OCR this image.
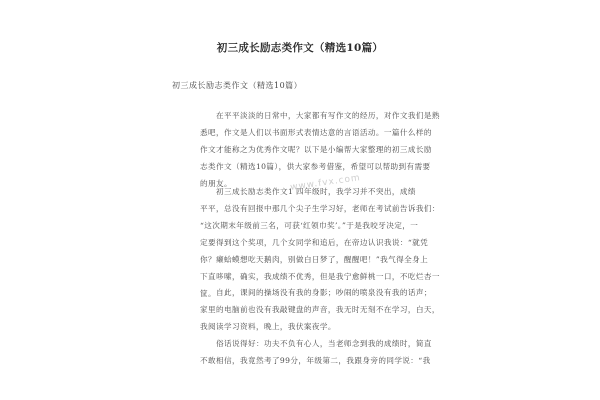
初三成长励志类作文（精选10篇）
初三成长励志类作文（精选10篇）
www.fvx.com
在平平淡淡的日常中，大家都有写作文的经历，对作文我们是熟
悉吧，作文是人们以书面形式表情达意的言语活动。一篇什么样的
作文才能称之为优秀作文呢？以下是小编帮大家整理的初三成长励
志类作文（精选10篇），供大家参考借鉴，希望可以帮助到有需要
的朋友。
初三成长励志类作文1 四年级时，我学习并不突出，成绩
平平，总没有回报中那几个尖子生学习好，老师在考试前告诉我们：
“这次期末年级前三名，可获‘红领巾奖’。”于是我咬牙决定，一
定要得到这个奖项，几个女同学和追后，在帝边认识我说：“就凭
你？癞蛤蟆想吃天鹅肉，别做白日梦了，醒醒吧！”我气得全身上
下直哆嗦，确实，我成绩不优秀，但是我宁愈鲜桃一口，不吃烂杏一
筐。 自此，课间的操场没有我的身影；吵闹的喷泉没有我的话声；
家里的电脑前也没有我敲键盘的声音，我无时无刻不在学习，白天，
我阅读学习资料，晚上，我伏案夜学。
俗话说得好：功夫不负有心人，当老师念到我的成绩时，简直
不敢相信，我竟然考了99分，年级第二，我跟身旁的同学说：“我
